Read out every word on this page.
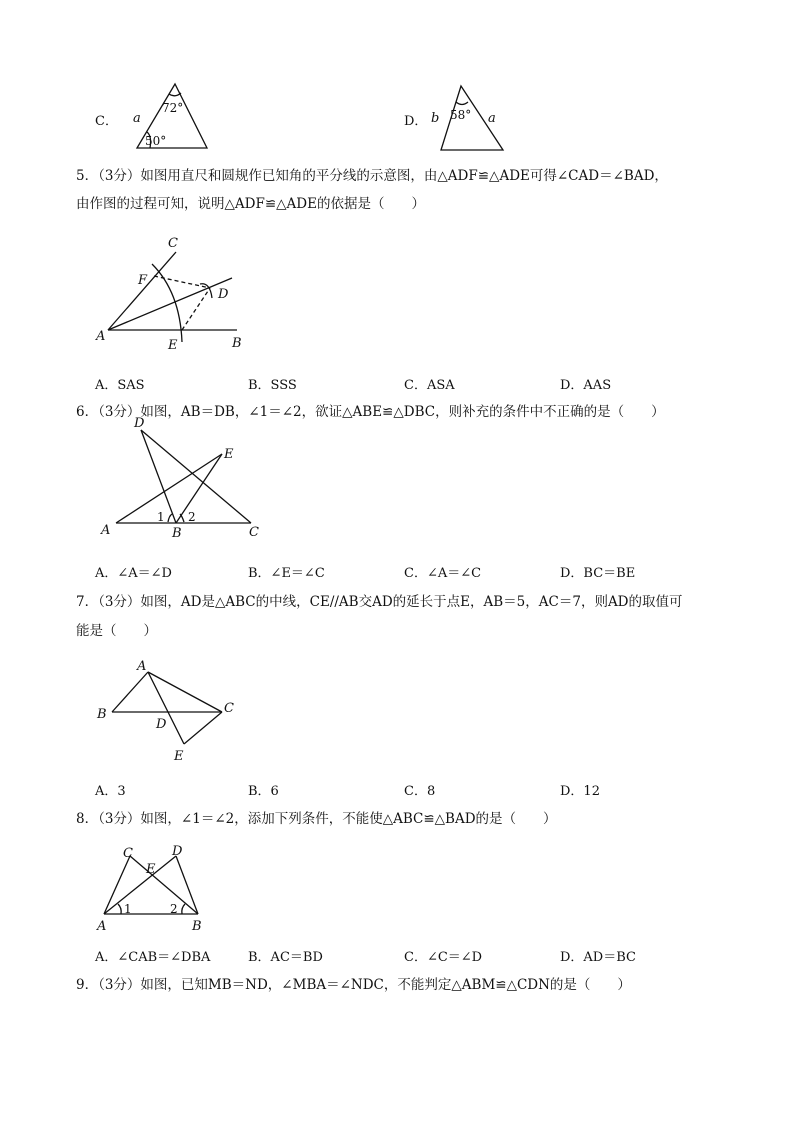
C． a
72°
50°
D． b	a
58°
5．（3分）如图用直尺和圆规作已知角的平分线的示意图，由△ADF≌△ADE可得∠CAD＝∠BAD，
由作图的过程可知，说明△ADF≌△ADE的依据是（　　）
A	B
C
D
E
F
A．SAS	B．SSS	C．ASA	D．AAS
6．（3分）如图，AB＝DB，∠1＝∠2，欲证△ABE≌△DBC，则补充的条件中不正确的是（　　）
D
E
A	B	C
1 2
A．∠A＝∠D	B．∠E＝∠C	C．∠A＝∠C	D．BC＝BE
7．（3分）如图，AD是△ABC的中线，CE//AB交AD的延长于点E，AB＝5，AC＝7，则AD的取值可
能是（　　）
A
B	C
D
E
A．3	B．6	C．8	D．12
8．（3分）如图，∠1＝∠2，添加下列条件，不能使△ABC≌△BAD的是（　　）
C	D
E
A	B
1	2
A．∠CAB＝∠DBA	B．AC＝BD	C．∠C＝∠D	D．AD＝BC
9．（3分）如图，已知MB＝ND，∠MBA＝∠NDC，不能判定△ABM≌△CDN的是（　　）
